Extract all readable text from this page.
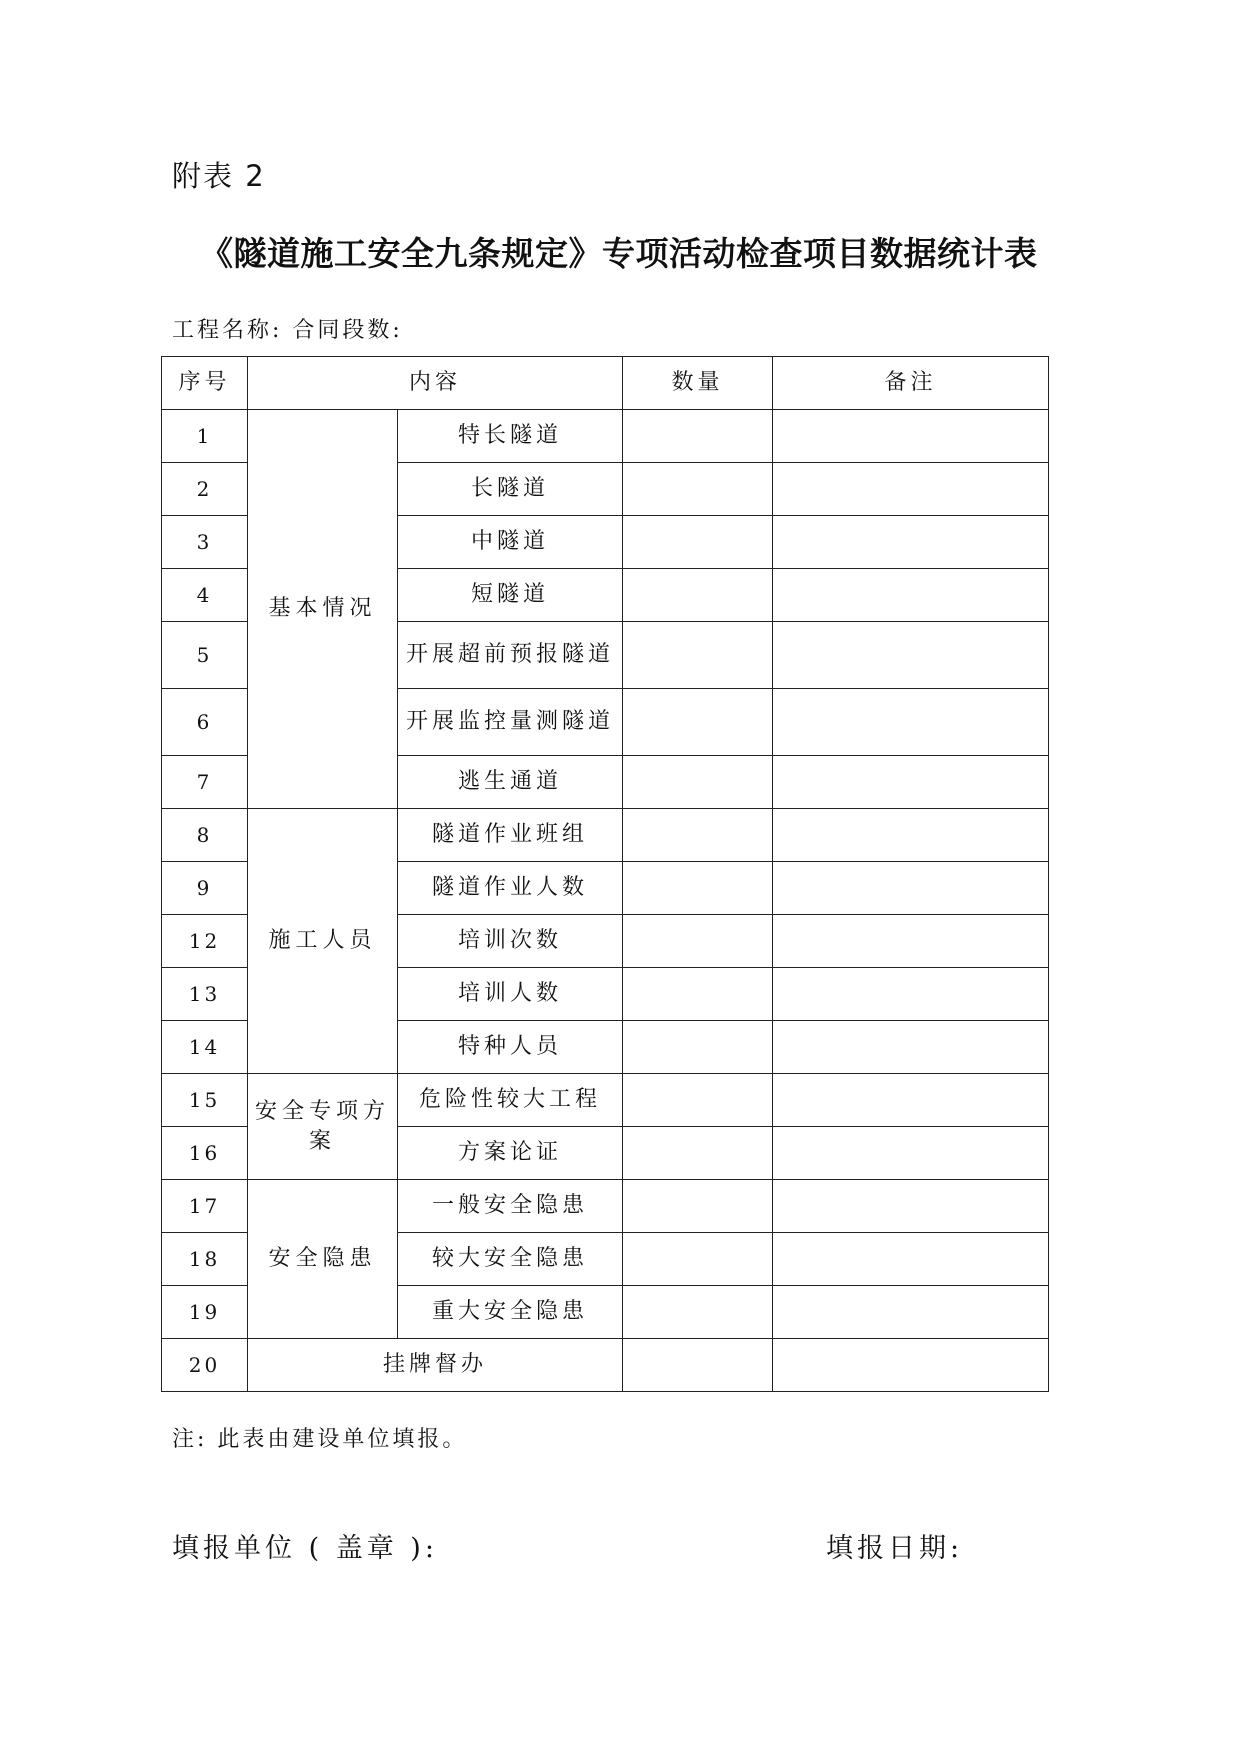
附表 2
《隧道施工安全九条规定》专项活动检查项目数据统计表
工程名称: 合同段数:
序号	内容		数量	备注
1	基本情况	特长隧道		
2		长隧道		
3		中隧道		
4		短隧道		
5		开展超前预报隧道		
6		开展监控量测隧道		
7		逃生通道		
8	施工人员	隧道作业班组		
9		隧道作业人数		
12		培训次数		
13		培训人数		
14		特种人员		
15	安全专项方案	危险性较大工程		
16		方案论证		
17	安全隐患	一般安全隐患		
18		较大安全隐患		
19		重大安全隐患		
20	挂牌督办			
注: 此表由建设单位填报。
填报单位 ( 盖章 ):	填报日期:
